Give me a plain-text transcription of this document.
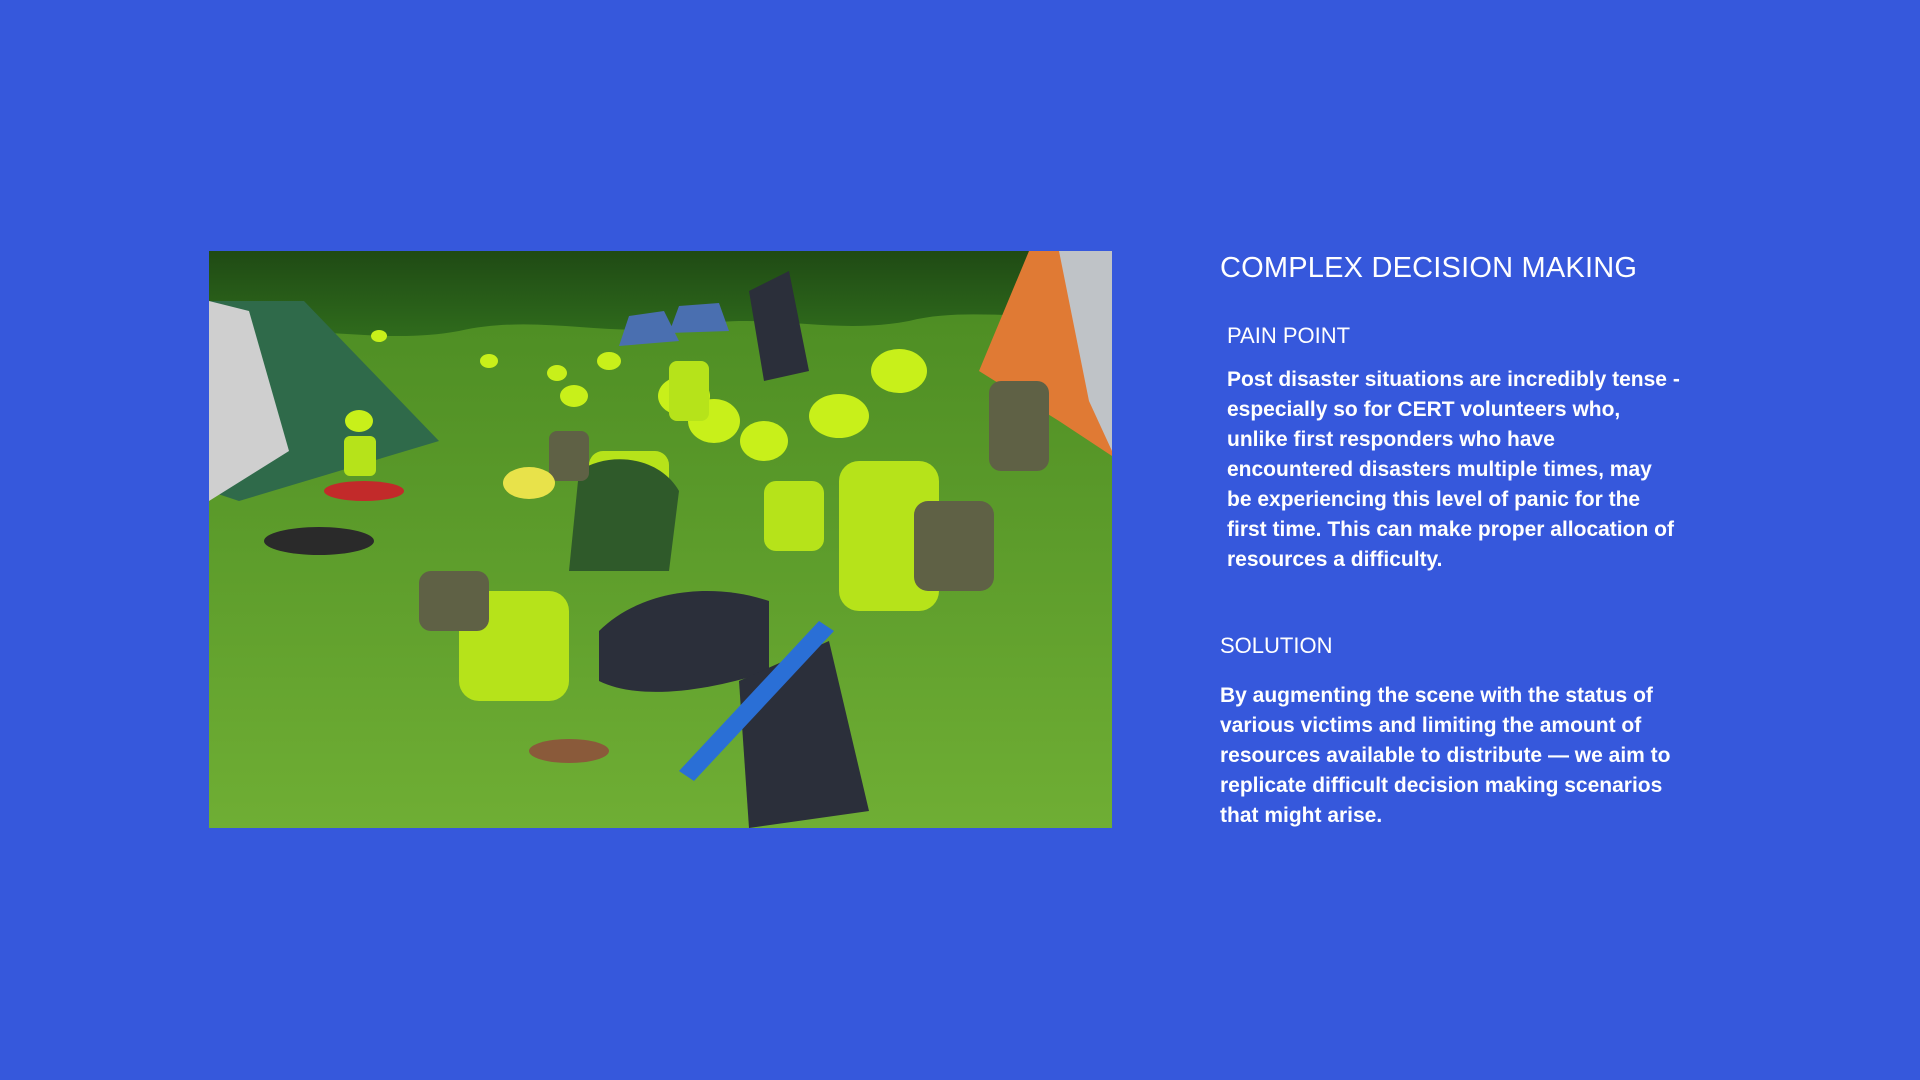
COMPLEX DECISION MAKING
PAIN POINT

Post disaster situations are incredibly tense - especially so for CERT volunteers who, unlike first responders who have encountered disasters multiple times, may be experiencing this level of panic for the first time. This can make proper allocation of resources a difficulty.

SOLUTION

By augmenting the scene with the status of various victims and limiting the amount of resources available to distribute — we aim to replicate difficult decision making scenarios that might arise.
